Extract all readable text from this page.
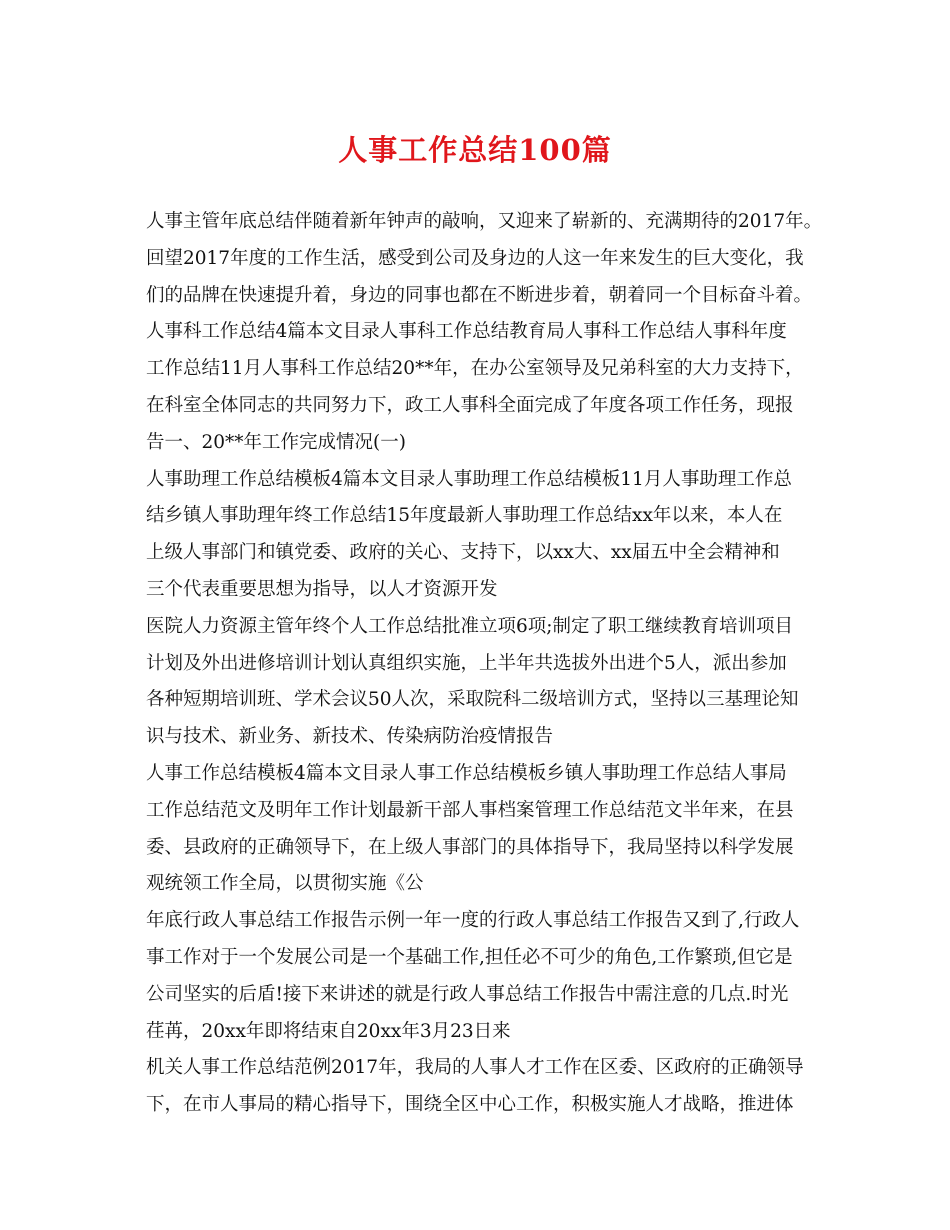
人事工作总结100篇
人事主管年底总结伴随着新年钟声的敲响，又迎来了崭新的、充满期待的2017年。
回望2017年度的工作生活，感受到公司及身边的人这一年来发生的巨大变化，我
们的品牌在快速提升着，身边的同事也都在不断进步着，朝着同一个目标奋斗着。
人事科工作总结4篇本文目录人事科工作总结教育局人事科工作总结人事科年度
工作总结11月人事科工作总结20**年，在办公室领导及兄弟科室的大力支持下，
在科室全体同志的共同努力下，政工人事科全面完成了年度各项工作任务，现报
告一、20**年工作完成情况(一)
人事助理工作总结模板4篇本文目录人事助理工作总结模板11月人事助理工作总
结乡镇人事助理年终工作总结15年度最新人事助理工作总结xx年以来，本人在
上级人事部门和镇党委、政府的关心、支持下，以xx大、xx届五中全会精神和
三个代表重要思想为指导，以人才资源开发
医院人力资源主管年终个人工作总结批准立项6项;制定了职工继续教育培训项目
计划及外出进修培训计划认真组织实施，上半年共选拔外出进个5人，派出参加
各种短期培训班、学术会议50人次，采取院科二级培训方式，坚持以三基理论知
识与技术、新业务、新技术、传染病防治疫情报告
人事工作总结模板4篇本文目录人事工作总结模板乡镇人事助理工作总结人事局
工作总结范文及明年工作计划最新干部人事档案管理工作总结范文半年来，在县
委、县政府的正确领导下，在上级人事部门的具体指导下，我局坚持以科学发展
观统领工作全局，以贯彻实施《公
年底行政人事总结工作报告示例一年一度的行政人事总结工作报告又到了,行政人
事工作对于一个发展公司是一个基础工作,担任必不可少的角色,工作繁琐,但它是
公司坚实的后盾!接下来讲述的就是行政人事总结工作报告中需注意的几点.时光
荏苒，20xx年即将结束自20xx年3月23日来
机关人事工作总结范例2017年，我局的人事人才工作在区委、区政府的正确领导
下，在市人事局的精心指导下，围绕全区中心工作，积极实施人才战略，推进体
